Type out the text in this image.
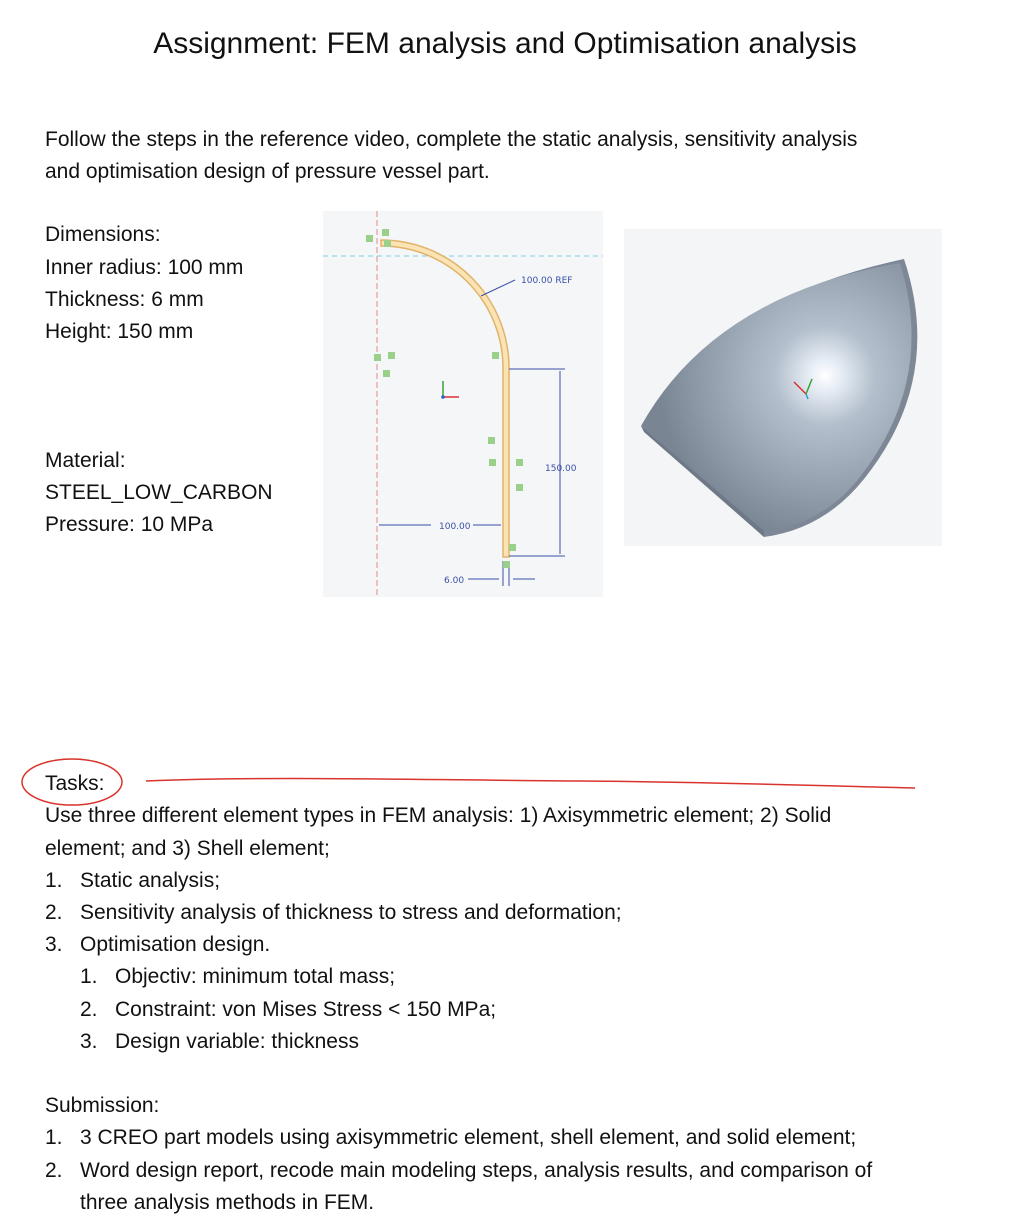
Assignment: FEM analysis and Optimisation analysis
Follow the steps in the reference video, complete the static analysis, sensitivity analysis
and optimisation design of pressure vessel part.
Dimensions:
Inner radius: 100 mm
Thickness: 6 mm
Height: 150 mm
Material:
STEEL_LOW_CARBON
Pressure: 10 MPa
150.00
100.00 REF
100.00
6.00
Tasks:
Use three different element types in FEM analysis: 1) Axisymmetric element; 2) Solid
element; and 3) Shell element;
1. Static analysis;
2. Sensitivity analysis of thickness to stress and deformation;
3. Optimisation design.
1. Objectiv: minimum total mass;
2. Constraint: von Mises Stress < 150 MPa;
3. Design variable: thickness
Submission:
1. 3 CREO part models using axisymmetric element, shell element, and solid element;
2. Word design report, recode main modeling steps, analysis results, and comparison of
three analysis methods in FEM.
